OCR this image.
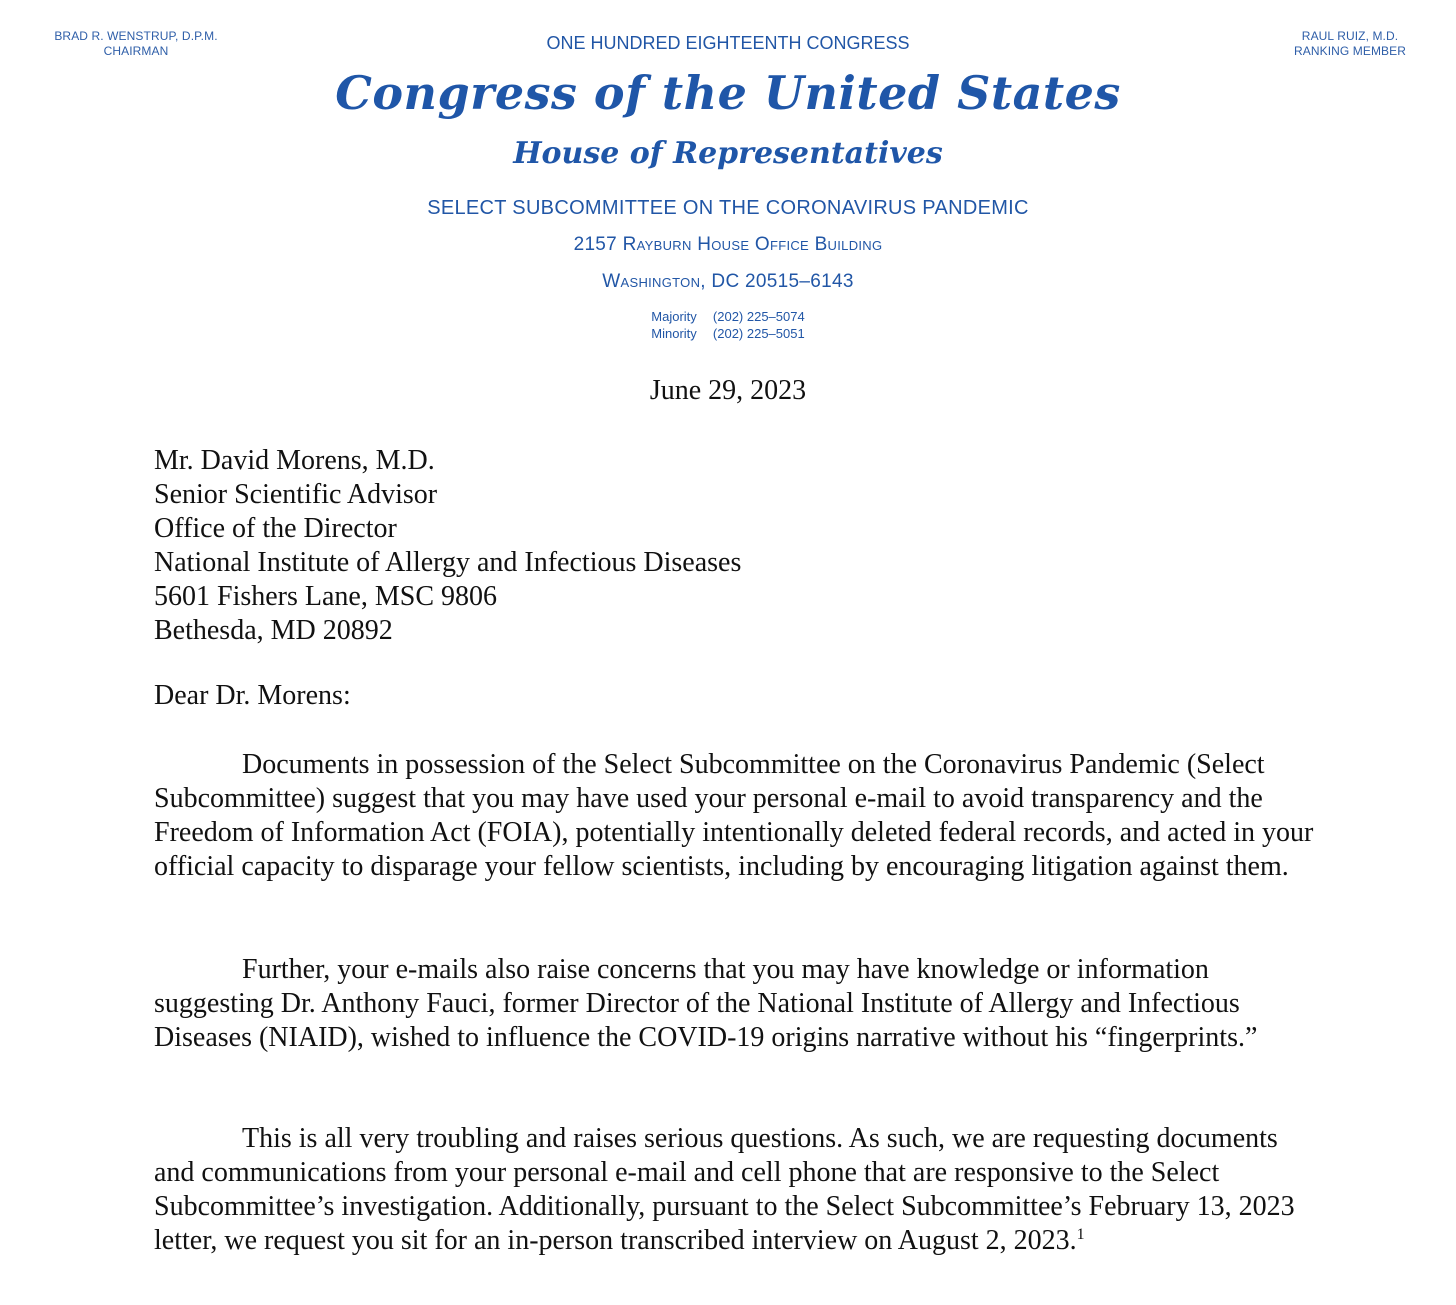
BRAD R. WENSTRUP, D.P.M.
CHAIRMAN
RAUL RUIZ, M.D.
RANKING MEMBER
ONE HUNDRED EIGHTEENTH CONGRESS
Congress of the United States
House of Representatives
SELECT SUBCOMMITTEE ON THE CORONAVIRUS PANDEMIC
2157 Rayburn House Office Building
Washington, DC 20515–6143
Majority (202) 225–5074
Minority (202) 225–5051
June 29, 2023
Mr. David Morens, M.D.
Senior Scientific Advisor
Office of the Director
National Institute of Allergy and Infectious Diseases
5601 Fishers Lane, MSC 9806
Bethesda, MD 20892
Dear Dr. Morens:
Documents in possession of the Select Subcommittee on the Coronavirus Pandemic (Select Subcommittee) suggest that you may have used your personal e-mail to avoid transparency and the Freedom of Information Act (FOIA), potentially intentionally deleted federal records, and acted in your official capacity to disparage your fellow scientists, including by encouraging litigation against them.
Further, your e-mails also raise concerns that you may have knowledge or information suggesting Dr. Anthony Fauci, former Director of the National Institute of Allergy and Infectious Diseases (NIAID), wished to influence the COVID-19 origins narrative without his “fingerprints.”
This is all very troubling and raises serious questions. As such, we are requesting documents and communications from your personal e-mail and cell phone that are responsive to the Select Subcommittee’s investigation. Additionally, pursuant to the Select Subcommittee’s February 13, 2023 letter, we request you sit for an in-person transcribed interview on August 2, 2023.$^1$
